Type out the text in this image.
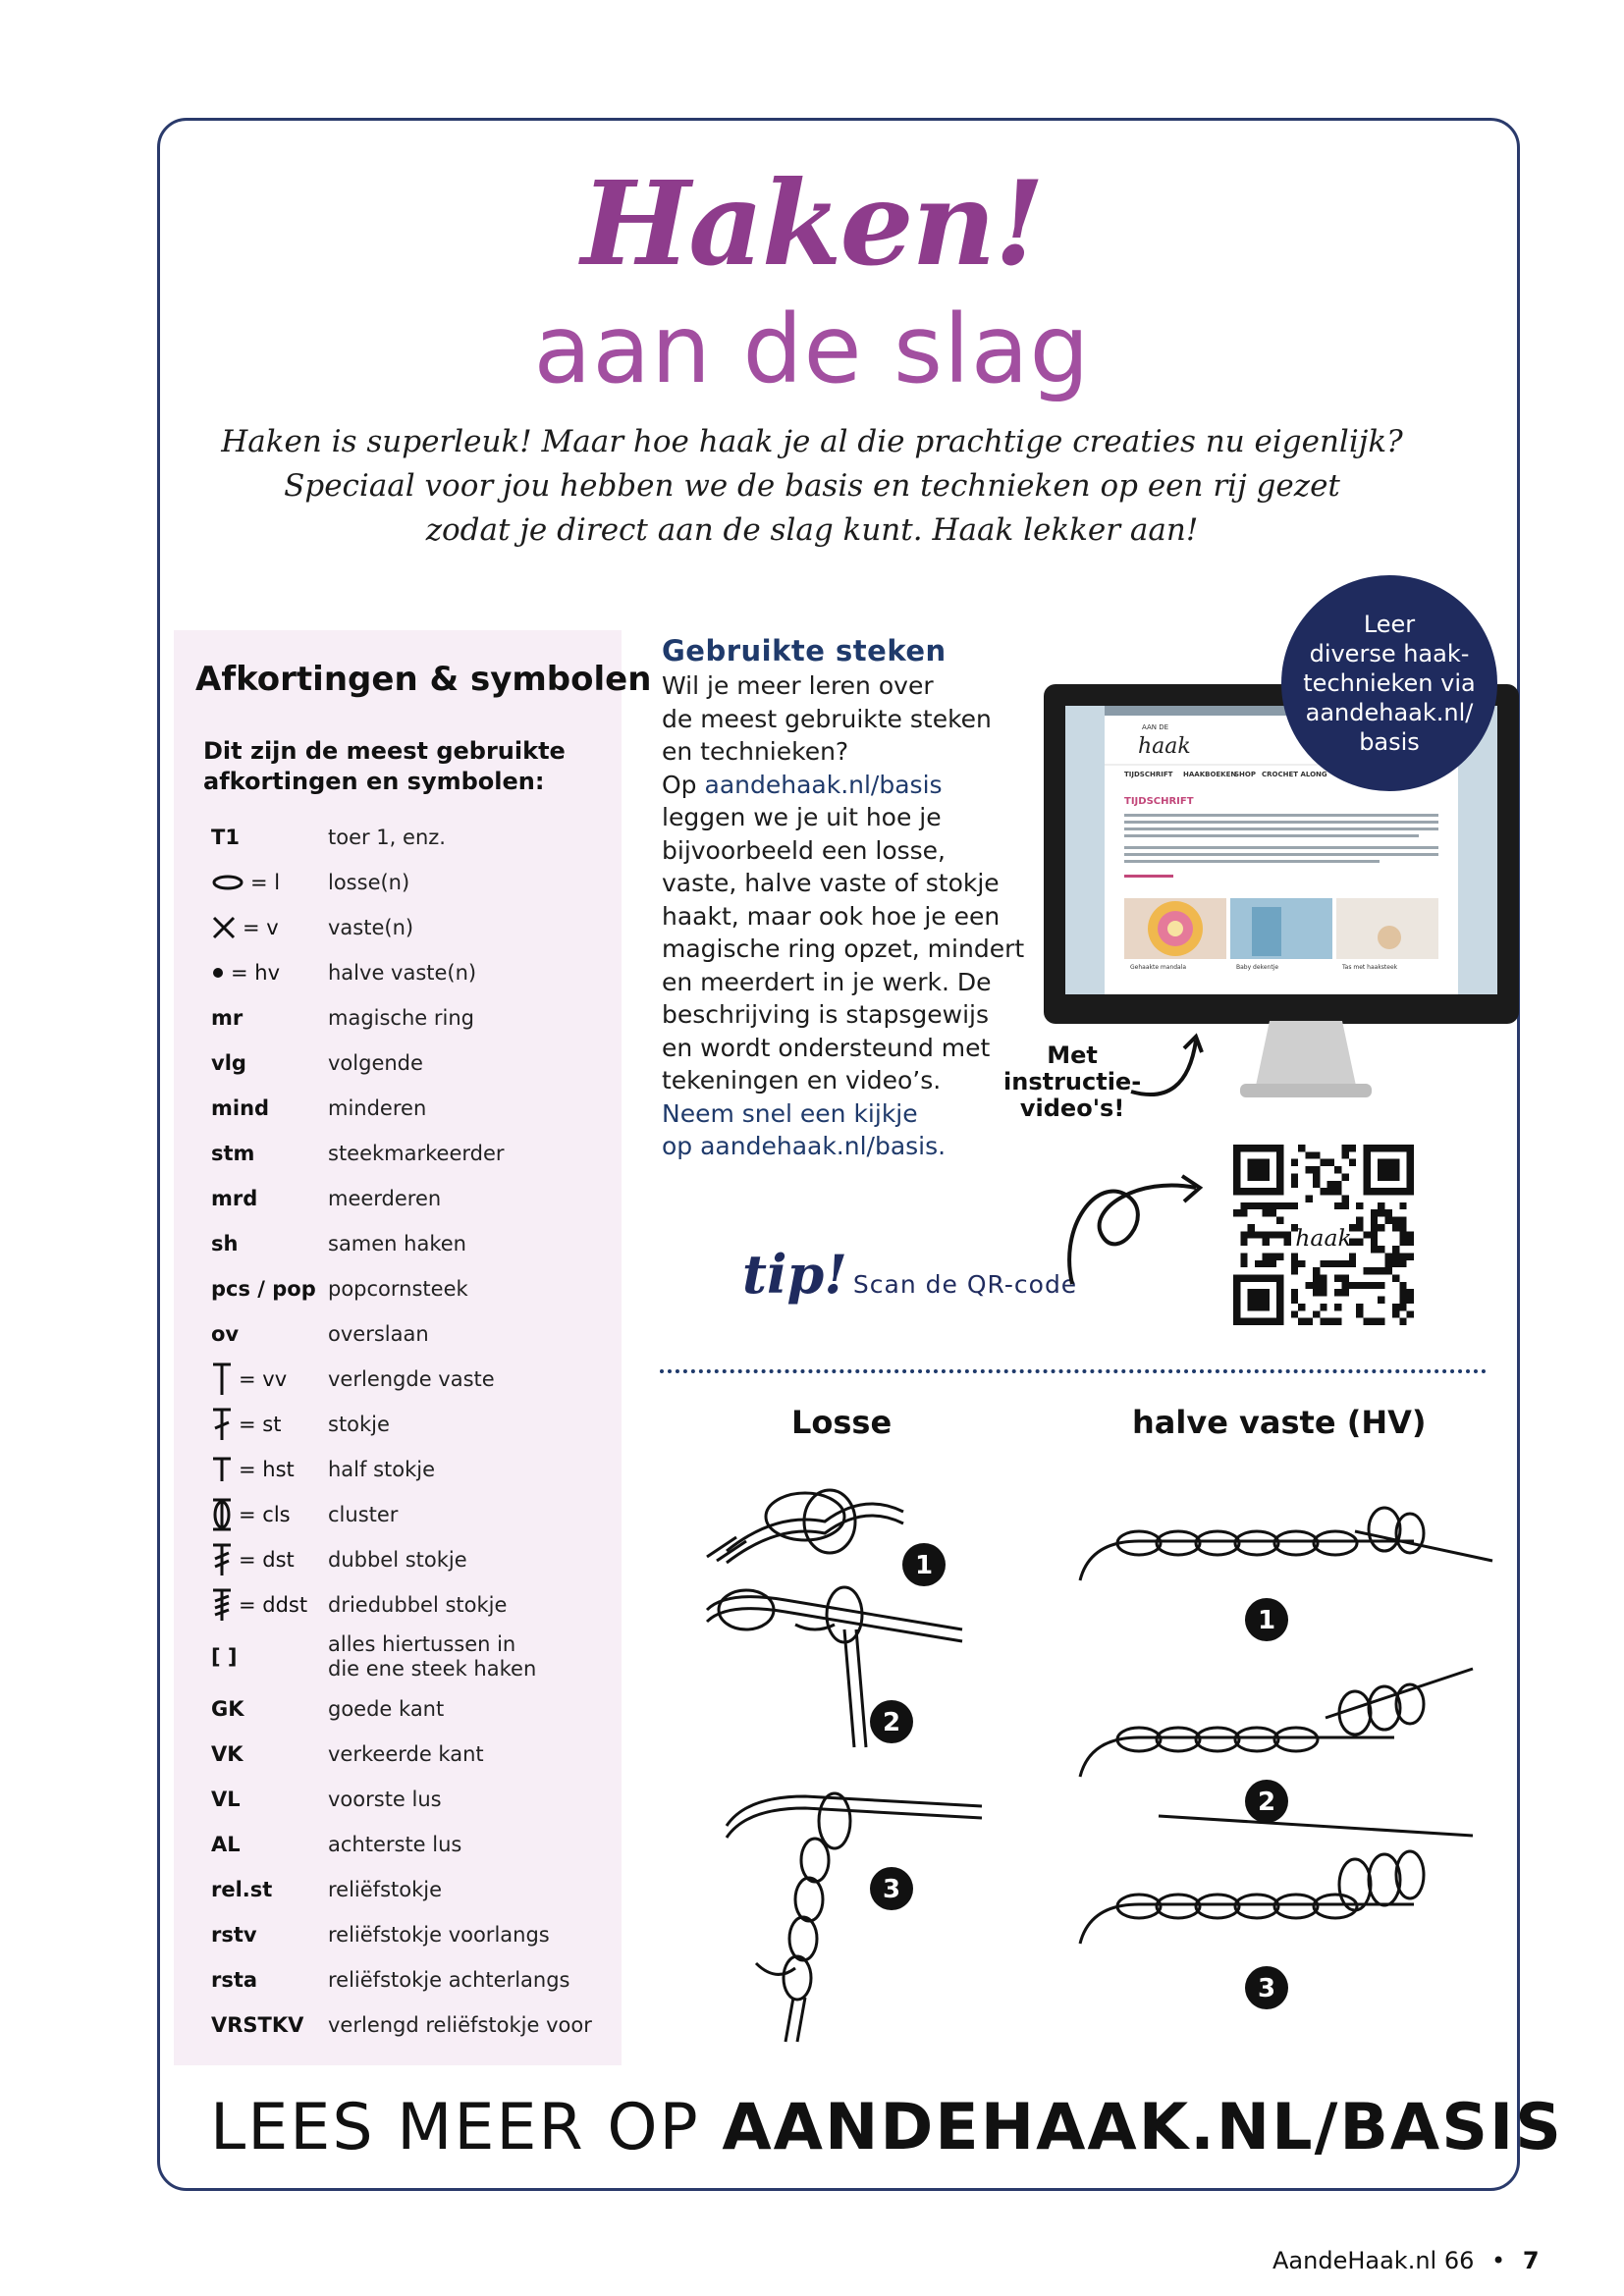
Haken!
aan de slag
Haken is superleuk! Maar hoe haak je al die prachtige creaties nu eigenlijk?
Speciaal voor jou hebben we de basis en technieken op een rij gezet
zodat je direct aan de slag kunt. Haak lekker aan!
Afkortingen & symbolen
Dit zijn de meest gebruikte
afkortingen en symbolen:
T1	toer 1, enz.
= l losse(n)
= v vaste(n)
= hv halve vaste(n)
mr	magische ring
vlg	volgende
mind	minderen
stm	steekmarkeerder
mrd	meerderen
sh	samen haken
pcs / pop popcornsteek
ov	overslaan
= vv verlengde vaste
= st stokje
= hst half stokje
= cls cluster
= dst dubbel stokje
= ddst driedubbel stokje
[ ]
alles hiertussen in
die ene steek haken
GK	goede kant
VK	verkeerde kant
VL	voorste lus
AL	achterste lus
rel.st	reliëfstokje
rstv	reliëfstokje voorlangs
rsta	reliëfstokje achterlangs
VRSTKV verlengd reliëfstokje voor
Gebruikte steken
Wil je meer leren over
de meest gebruikte steken
en technieken?
Op aandehaak.nl/basis
leggen we je uit hoe je
bijvoorbeeld een losse,
vaste, halve vaste of stokje
haakt, maar ook hoe je een
magische ring opzet, mindert
en meerdert in je werk. De
beschrijving is stapsgewijs
en wordt ondersteund met
tekeningen en video’s.
Neem snel een kijkje
op aandehaak.nl/basis.
AAN DE
haak
TIJDSCHRIFT HAAKBOEKEN
SHOP CROCHET ALONG
TIJDSCHRIFT
Gehaakte mandala	Baby dekentje	Tas met haaksteek
Leer
diverse haak-
technieken via
aandehaak.nl/
basis
Met
instructie-
video's!
tip! Scan de QR-code
haak
Losse	halve vaste (HV)
1
2
3
1
2
3
LEES MEER OP AANDEHAAK.NL/BASIS
AandeHaak.nl 66 • 7
